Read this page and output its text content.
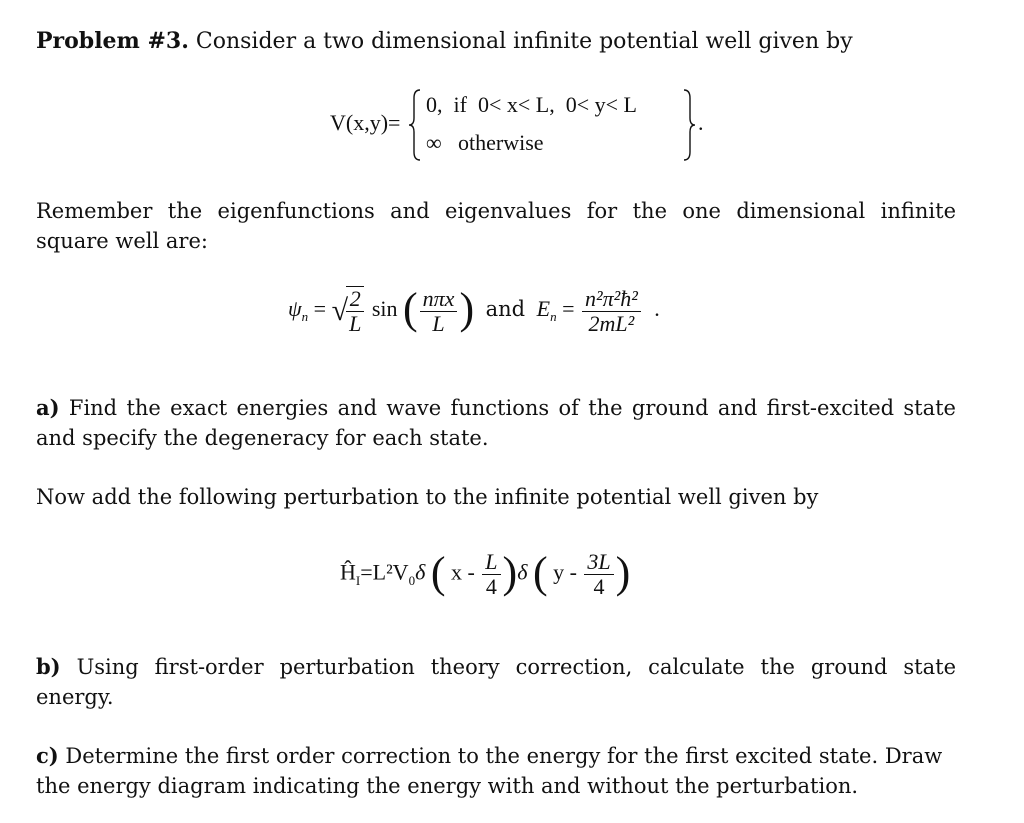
Problem #3. Consider a two dimensional infinite potential well given by
V(x,y)=
0,  if  0< x< L,  0< y< L
∞ otherwise
.
Remember the eigenfunctions and eigenvalues for the one dimensional infinite square well are:
$\psi_n$ = √
$\frac{2}{L}$ sin ( $\frac{\text{nπx}}{L}$ ) and $E_n = \frac{\text{n²π²ħ²}}{\text{2mL²}}$ .
a) Find the exact energies and wave functions of the ground and first-excited state and specify the degeneracy for each state.
Now add the following perturbation to the infinite potential well given by
$Ĥ_I=L^2V_0\delta$ ( x - $\frac{L}{4} )\delta$ ( y - $\frac{3L}{4}$ )
b) Using first-order perturbation theory correction, calculate the ground state energy.
c) Determine the first order correction to the energy for the first excited state. Draw the energy diagram indicating the energy with and without the perturbation.
